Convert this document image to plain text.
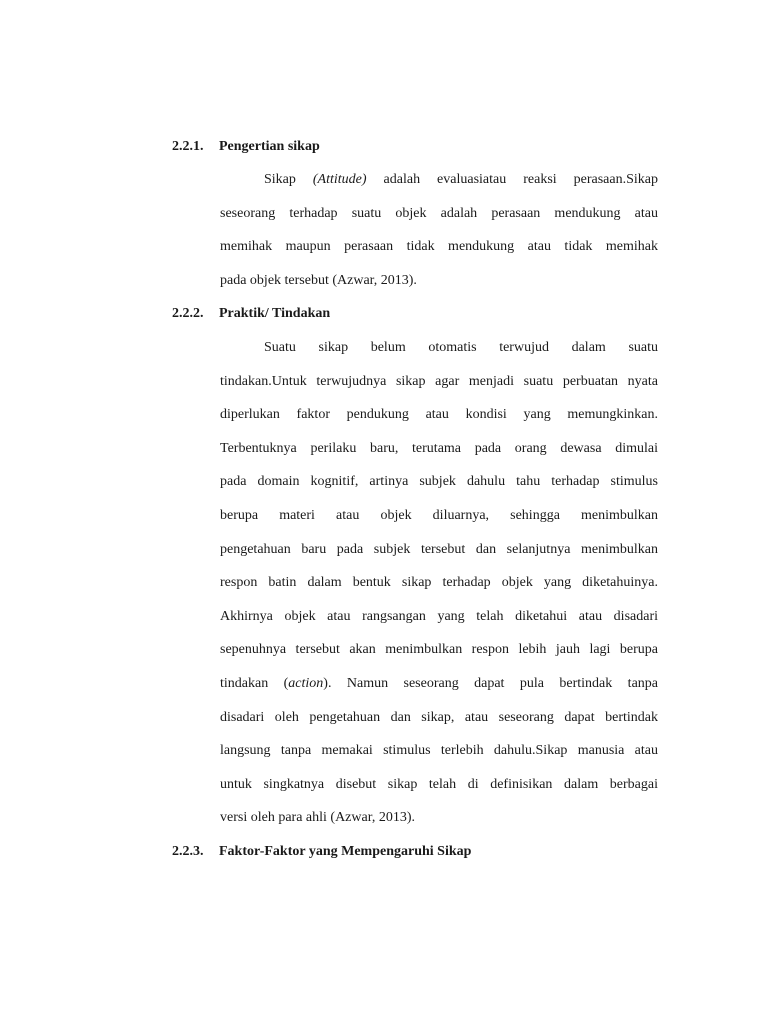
2.2.1. Pengertian sikap
Sikap (Attitude) adalah evaluasiatau reaksi perasaan.Sikap
seseorang terhadap suatu objek adalah perasaan mendukung atau
memihak maupun perasaan tidak mendukung atau tidak memihak
pada objek tersebut (Azwar, 2013).
2.2.2. Praktik/ Tindakan
Suatu sikap belum otomatis terwujud dalam suatu
tindakan.Untuk terwujudnya sikap agar menjadi suatu perbuatan nyata
diperlukan faktor pendukung atau kondisi yang memungkinkan.
Terbentuknya perilaku baru, terutama pada orang dewasa dimulai
pada domain kognitif, artinya subjek dahulu tahu terhadap stimulus
berupa materi atau objek diluarnya, sehingga menimbulkan
pengetahuan baru pada subjek tersebut dan selanjutnya menimbulkan
respon batin dalam bentuk sikap terhadap objek yang diketahuinya.
Akhirnya objek atau rangsangan yang telah diketahui atau disadari
sepenuhnya tersebut akan menimbulkan respon lebih jauh lagi berupa
tindakan (action). Namun seseorang dapat pula bertindak tanpa
disadari oleh pengetahuan dan sikap, atau seseorang dapat bertindak
langsung tanpa memakai stimulus terlebih dahulu.Sikap manusia atau
untuk singkatnya disebut sikap telah di definisikan dalam berbagai
versi oleh para ahli (Azwar, 2013).
2.2.3. Faktor-Faktor yang Mempengaruhi Sikap
